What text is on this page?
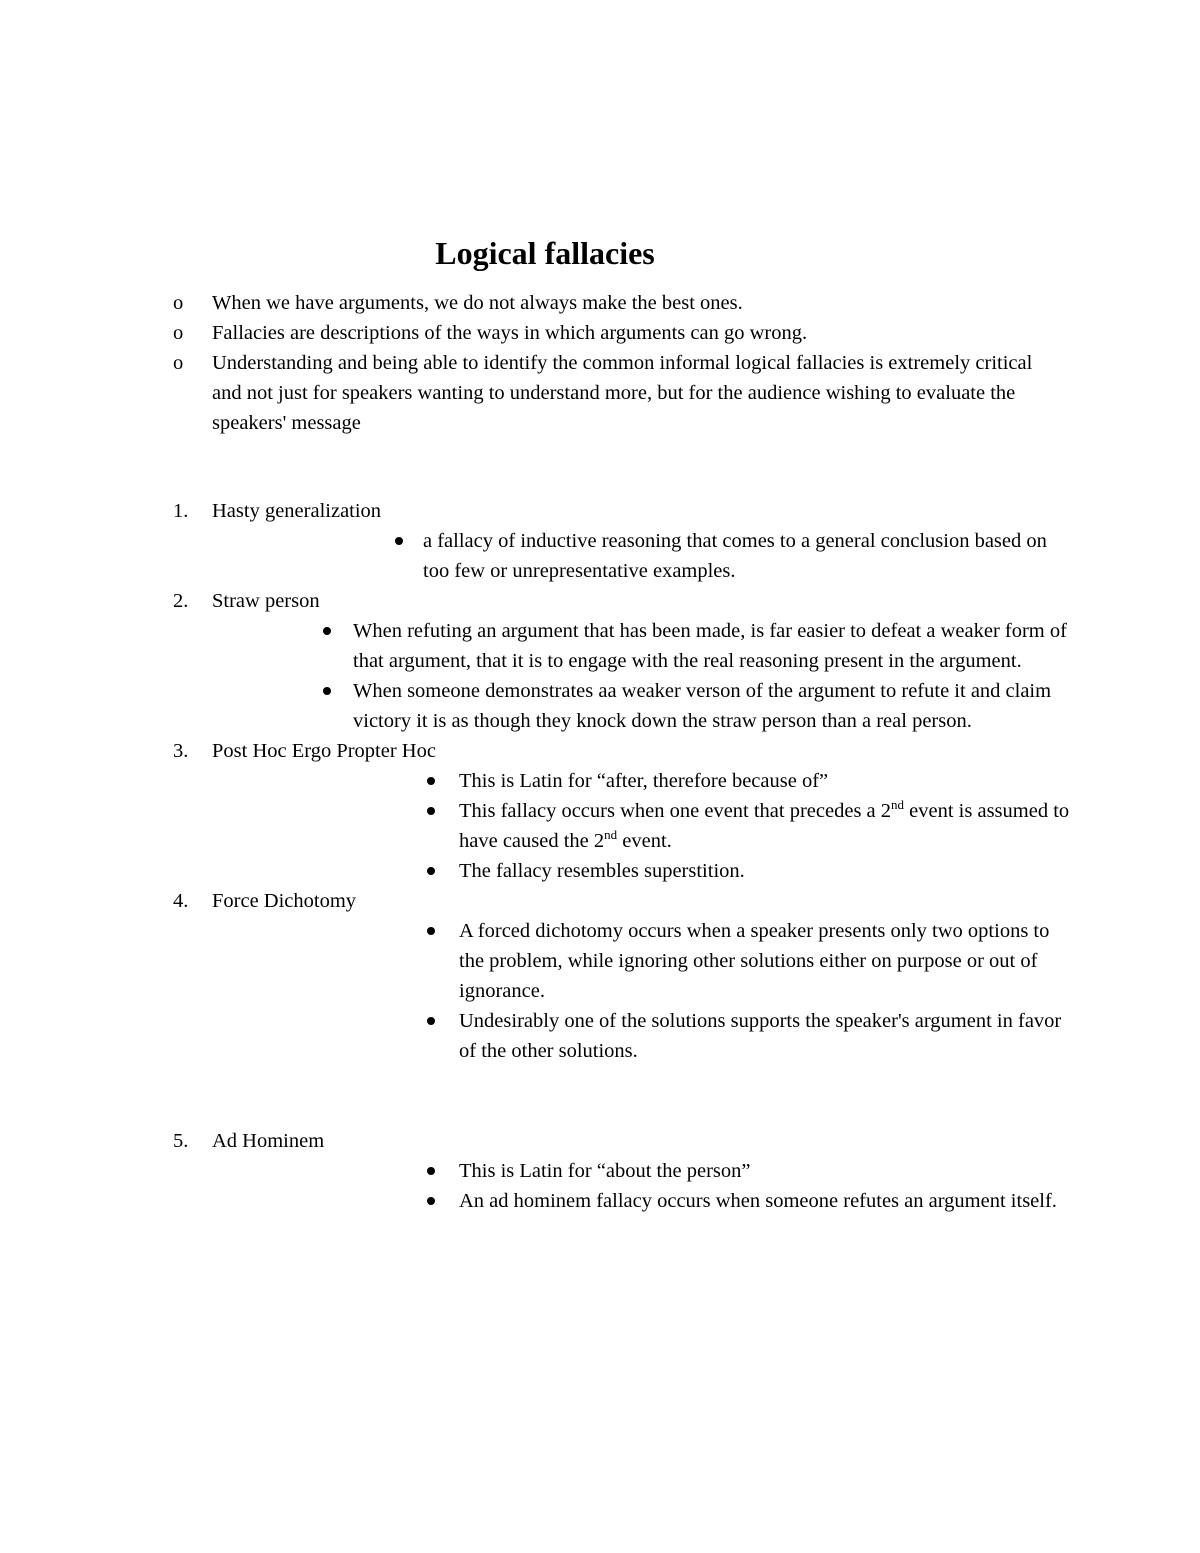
Logical fallacies
o	When we have arguments, we do not always make the best ones.
o	Fallacies are descriptions of the ways in which arguments can go wrong.
o	Understanding and being able to identify the common informal logical fallacies is extremely critical and not just for speakers wanting to understand more, but for the audience wishing to evaluate the speakers' message
1.	Hasty generalization
a fallacy of inductive reasoning that comes to a general conclusion based on too few or unrepresentative examples.
2.	Straw person
When refuting an argument that has been made, is far easier to defeat a weaker form of that argument, that it is to engage with the real reasoning present in the argument.
When someone demonstrates aa weaker verson of the argument to refute it and claim victory it is as though they knock down the straw person than a real person.
3.	Post Hoc Ergo Propter Hoc
This is Latin for “after, therefore because of”
This fallacy occurs when one event that precedes a 2nd event is assumed to have caused the 2nd event.
The fallacy resembles superstition.
4.	Force Dichotomy
A forced dichotomy occurs when a speaker presents only two options to the problem, while ignoring other solutions either on purpose or out of ignorance.
Undesirably one of the solutions supports the speaker's argument in favor of the other solutions.
5.	Ad Hominem
This is Latin for “about the person”
An ad hominem fallacy occurs when someone refutes an argument itself.
